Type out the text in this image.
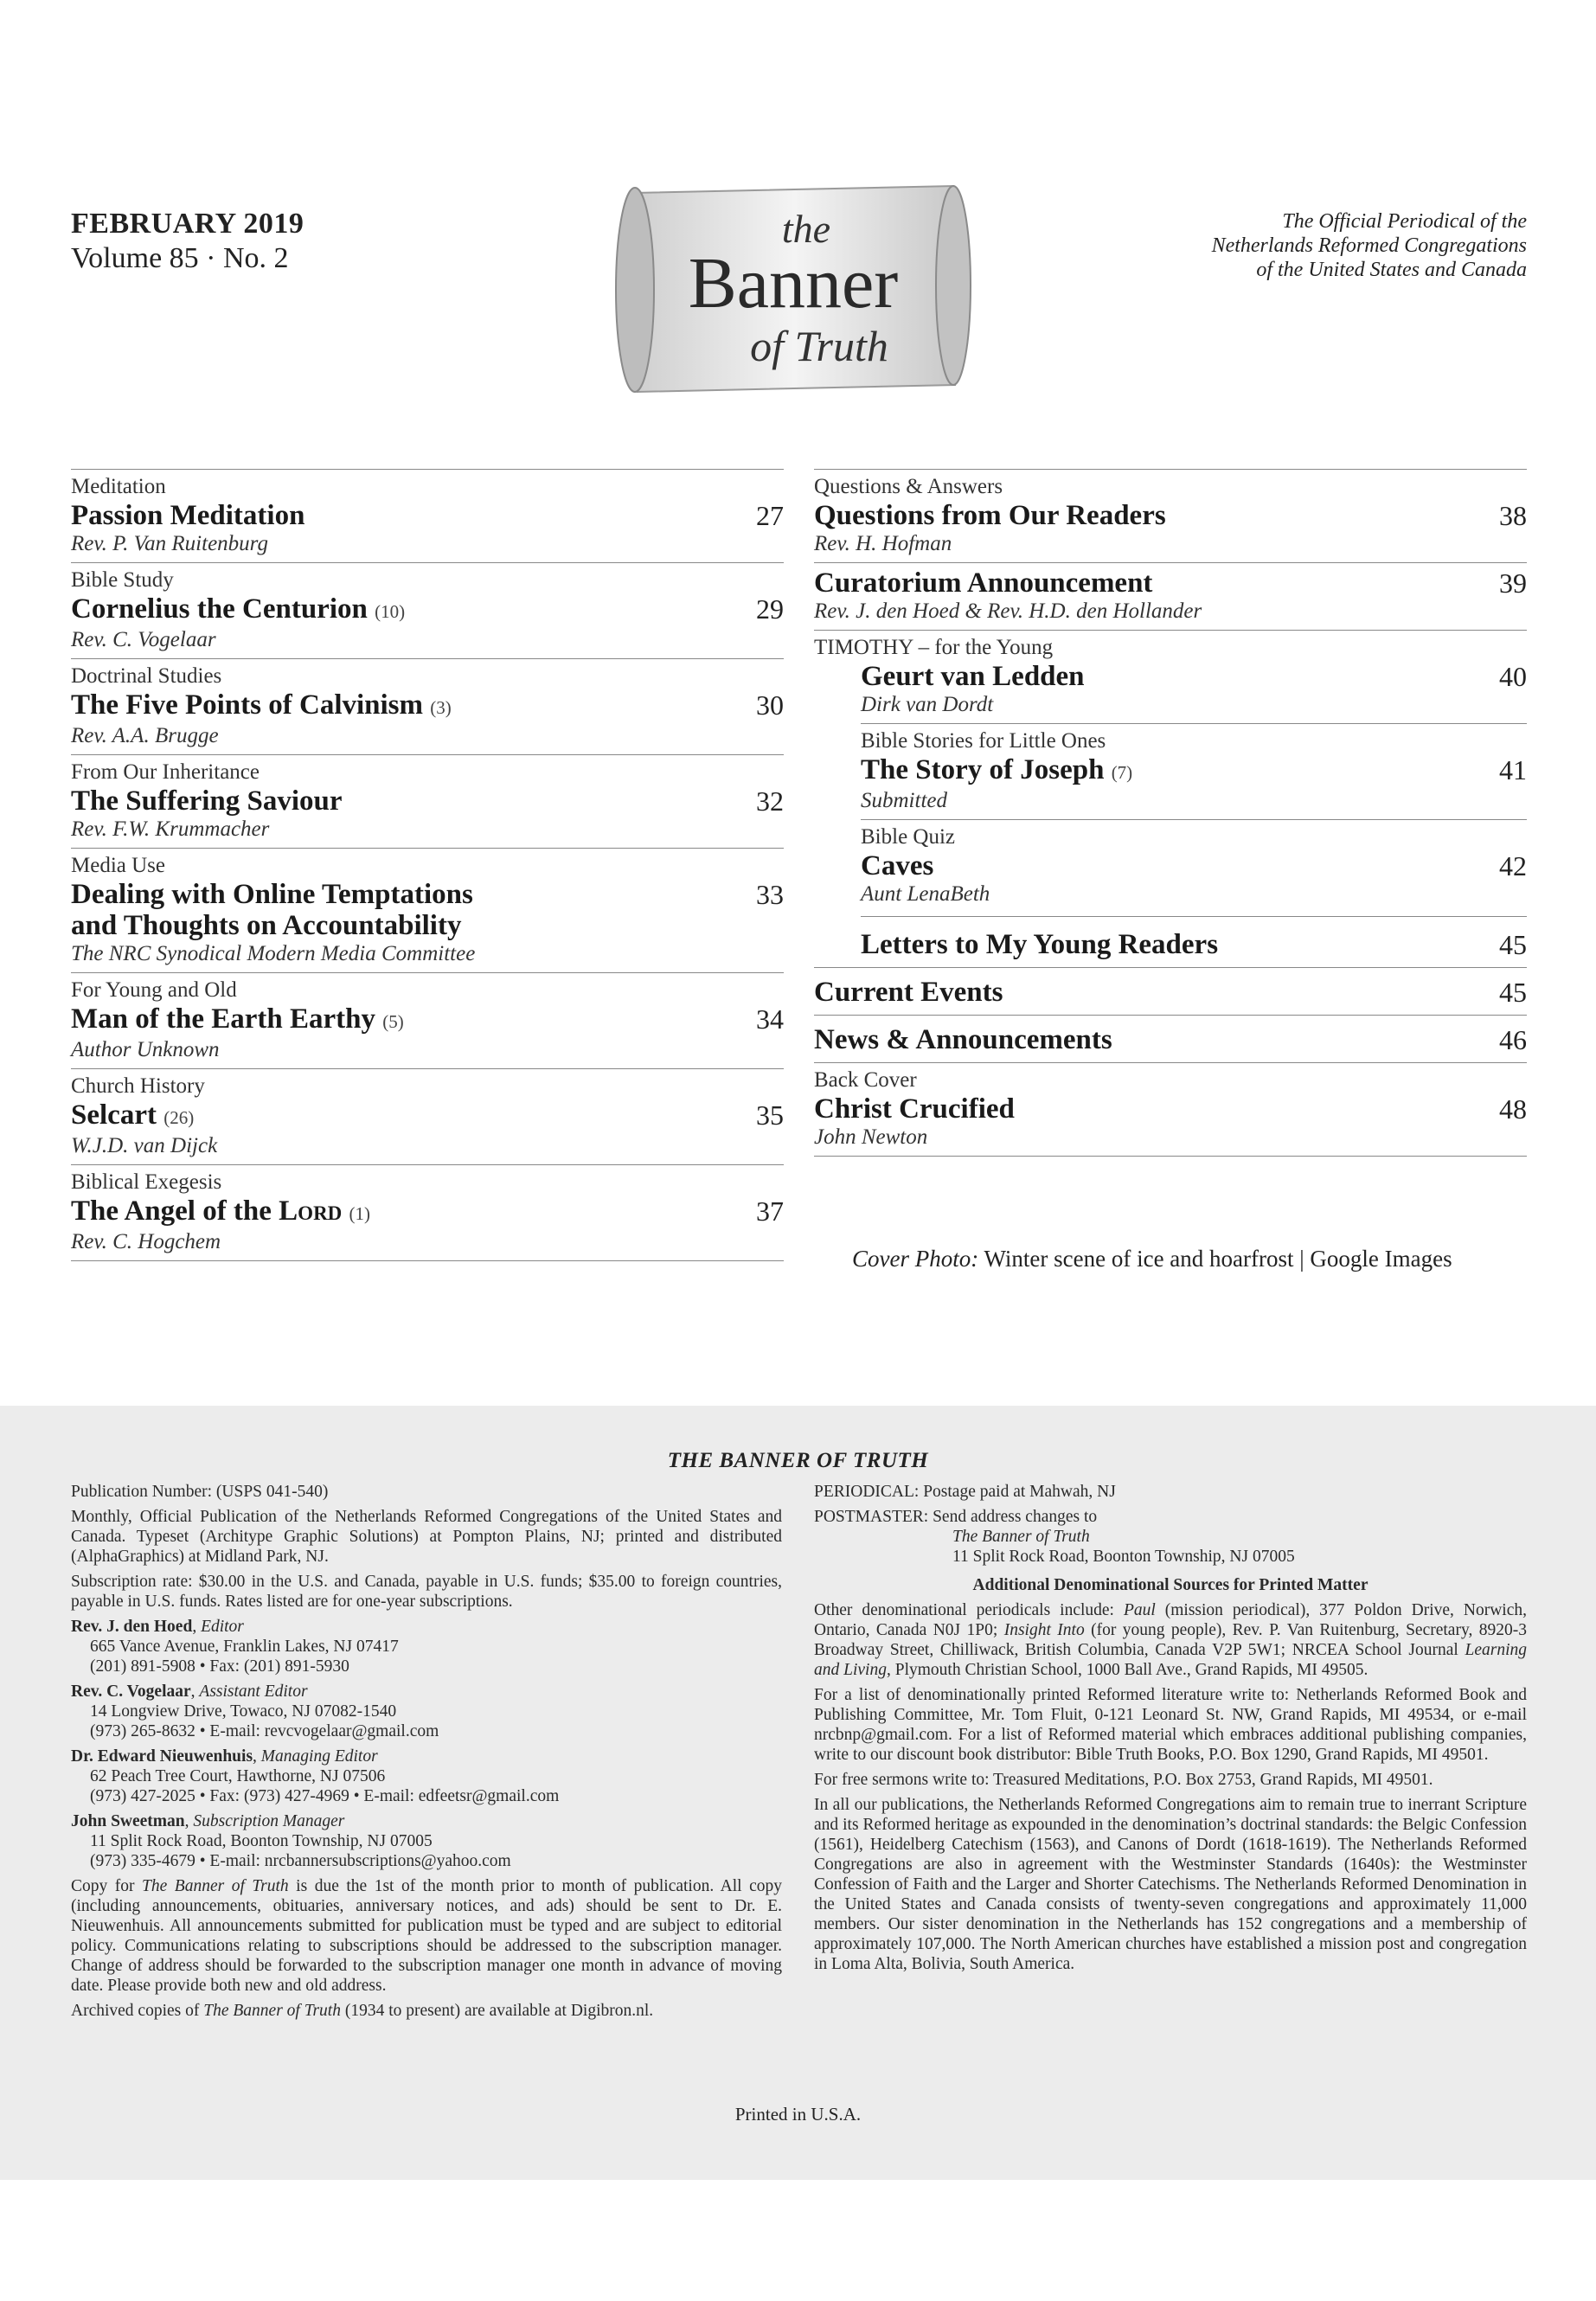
FEBRUARY 2019
Volume 85 · No. 2
the
Banner
of Truth
The Official Periodical of the
Netherlands Reformed Congregations
of the United States and Canada
Meditation
Passion Meditation	27
Rev. P. Van Ruitenburg
Bible Study
Cornelius the Centurion (10)	29
Rev. C. Vogelaar
Doctrinal Studies
The Five Points of Calvinism (3)	30
Rev. A.A. Brugge
From Our Inheritance
The Suffering Saviour	32
Rev. F.W. Krummacher
Media Use
Dealing with Online Temptations and Thoughts on Accountability
33
The NRC Synodical Modern Media Committee
For Young and Old
Man of the Earth Earthy (5)	34
Author Unknown
Church History
Selcart (26)	35
W.J.D. van Dijck
Biblical Exegesis
The Angel of the Lord (1)	37
Rev. C. Hogchem
Questions & Answers
Questions from Our Readers	38
Rev. H. Hofman
Curatorium Announcement	39
Rev. J. den Hoed & Rev. H.D. den Hollander
TIMOTHY – for the Young
Geurt van Ledden	40
Dirk van Dordt
Bible Stories for Little Ones
The Story of Joseph (7)	41
Submitted
Bible Quiz
Caves	42
Aunt LenaBeth
Letters to My Young Readers	45
Current Events	45
News & Announcements	46
Back Cover
Christ Crucified	48
John Newton
Cover Photo: Winter scene of ice and hoarfrost | Google Images
THE BANNER OF TRUTH

Publication Number: (USPS 041-540)

Monthly, Official Publication of the Netherlands Reformed Congregations of the United States and Canada. Typeset (Architype Graphic Solutions) at Pompton Plains, NJ; printed and distributed (AlphaGraphics) at Midland Park, NJ.

Subscription rate: $30.00 in the U.S. and Canada, payable in U.S. funds; $35.00 to foreign countries, payable in U.S. funds. Rates listed are for one-year subscriptions.

Rev. J. den Hoed, Editor
665 Vance Avenue, Franklin Lakes, NJ 07417
(201) 891-5908 • Fax: (201) 891-5930
Rev. C. Vogelaar, Assistant Editor
14 Longview Drive, Towaco, NJ 07082-1540
(973) 265-8632 • E-mail: revcvogelaar@gmail.com
Dr. Edward Nieuwenhuis, Managing Editor
62 Peach Tree Court, Hawthorne, NJ 07506
(973) 427-2025 • Fax: (973) 427-4969 • E-mail: edfeetsr@gmail.com
John Sweetman, Subscription Manager
11 Split Rock Road, Boonton Township, NJ 07005
(973) 335-4679 • E-mail: nrcbannersubscriptions@yahoo.com

Copy for The Banner of Truth is due the 1st of the month prior to month of publication. All copy (including announcements, obituaries, anniversary notices, and ads) should be sent to Dr. E. Nieuwenhuis. All announcements submitted for publication must be typed and are subject to editorial policy. Communications relating to subscriptions should be addressed to the subscription manager. Change of address should be forwarded to the subscription manager one month in advance of moving date. Please provide both new and old address.

Archived copies of The Banner of Truth (1934 to present) are available at Digibron.nl.

PERIODICAL: Postage paid at Mahwah, NJ

POSTMASTER: Send address changes to
The Banner of Truth
11 Split Rock Road, Boonton Township, NJ 07005
Additional Denominational Sources for Printed Matter

Other denominational periodicals include: Paul (mission periodical), 377 Poldon Drive, Norwich, Ontario, Canada N0J 1P0; Insight Into (for young people), Rev. P. Van Ruitenburg, Secretary, 8920-3 Broadway Street, Chilliwack, British Columbia, Canada V2P 5W1; NRCEA School Journal Learning and Living, Plymouth Christian School, 1000 Ball Ave., Grand Rapids, MI 49505.

For a list of denominationally printed Reformed literature write to: Netherlands Reformed Book and Publishing Committee, Mr. Tom Fluit, 0-121 Leonard St. NW, Grand Rapids, MI 49534, or e-mail nrcbnp@gmail.com. For a list of Reformed material which embraces additional publishing companies, write to our discount book distributor: Bible Truth Books, P.O. Box 1290, Grand Rapids, MI 49501.

For free sermons write to: Treasured Meditations, P.O. Box 2753, Grand Rapids, MI 49501.

In all our publications, the Netherlands Reformed Congregations aim to remain true to inerrant Scripture and its Reformed heritage as expounded in the denomination’s doctrinal standards: the Belgic Confession (1561), Heidelberg Catechism (1563), and Canons of Dordt (1618-1619). The Netherlands Reformed Congregations are also in agreement with the Westminster Standards (1640s): the Westminster Confession of Faith and the Larger and Shorter Catechisms. The Netherlands Reformed Denomination in the United States and Canada consists of twenty-seven congregations and approximately 11,000 members. Our sister denomination in the Netherlands has 152 congregations and a membership of approximately 107,000. The North American churches have established a mission post and congregation in Loma Alta, Bolivia, South America.

Printed in U.S.A.
